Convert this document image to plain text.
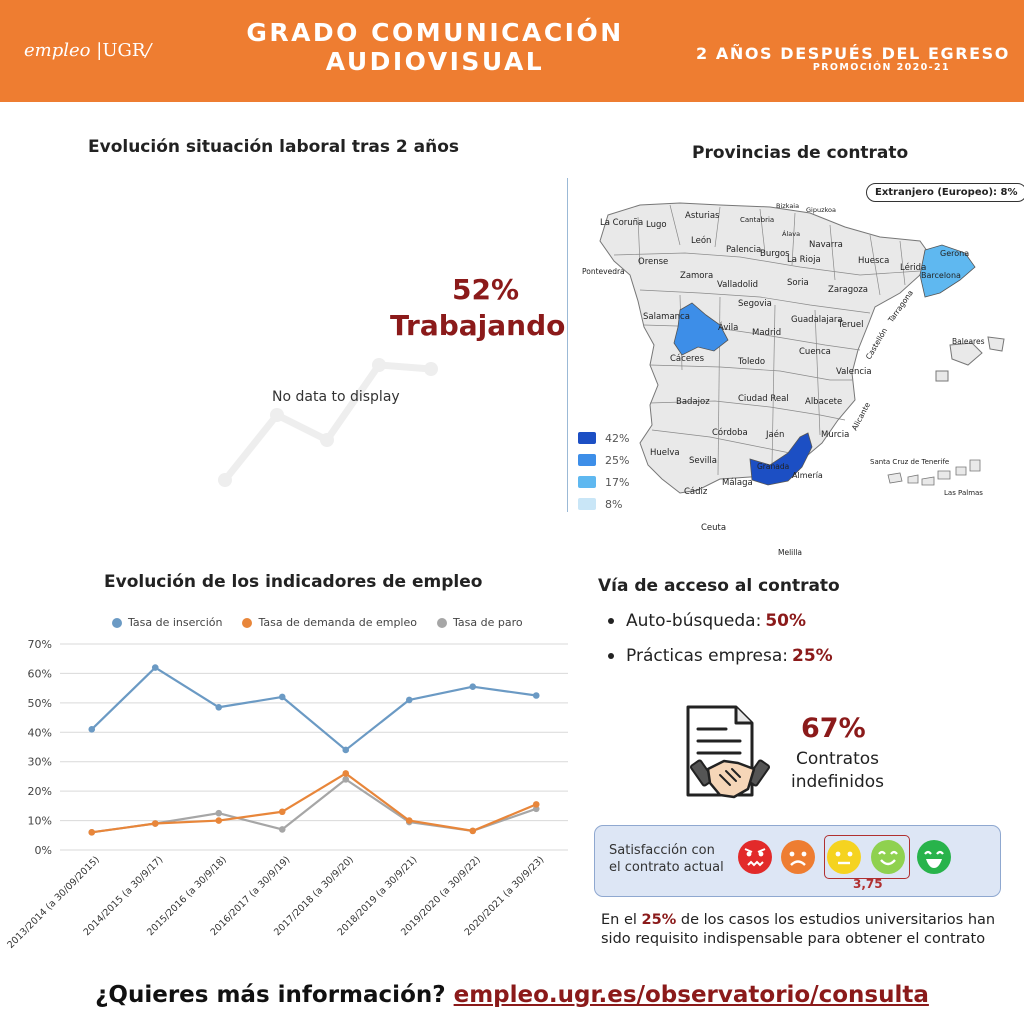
empleo |UGR/
GRADO COMUNICACIÓN
AUDIOVISUAL	2 AÑOS DESPUÉS DEL EGRESO
PROMOCIÓN 2020-21
Evolución situación laboral tras 2 años
No data to display
52%
Trabajando
Provincias de contrato
La Coruña Lugo
Asturias	Cantabria
Bizkaia Gipuzkoa
Álava
Navarra
Huesca
Gerona
Pontevedra
Orense
León
Palencia
Burgos
La Rioja
Lérida
Barcelona
Zamora
Valladolid	Soria
Zaragoza Tarragona
Segovia
Salamanca
Ávila Madrid
Guadalajara
Teruel
Castellón
Cáceres	Toledo
Cuenca
Valencia
Baleares
Badajoz	Ciudad Real Albacete Alicante
Córdoba Jaén	Murcia
Huelva
Sevilla
Granada
Almería
Cádiz
Málaga
Ceuta
Melilla
Santa Cruz de Tenerife
Las Palmas
Extranjero (Europeo): 8%
42%
25%
17%
8%
Evolución de los indicadores de empleo
Tasa de inserción	Tasa de demanda de empleo	Tasa de paro
0%
10%
20%
30%
40%
50%
60%
70%
2013/2014 (a 30/09/2015)
2014/2015 (a 30/9/17)
2015/2016 (a 30/9/18)
2016/2017 (a 30/9/19)
2017/2018 (a 30/9/20)
2018/2019 (a 30/9/21)
2019/2020 (a 30/9/22)
2020/2021 (a 30/9/23)
Vía de acceso al contrato
Auto-búsqueda: 50%
Prácticas empresa: 25%
67%
Contratos
indefinidos
Satisfacción con
el contrato actual
3,75
En el 25% de los casos los estudios universitarios han sido requisito indispensable para obtener el contrato
¿Quieres más información? empleo.ugr.es/observatorio/consulta
